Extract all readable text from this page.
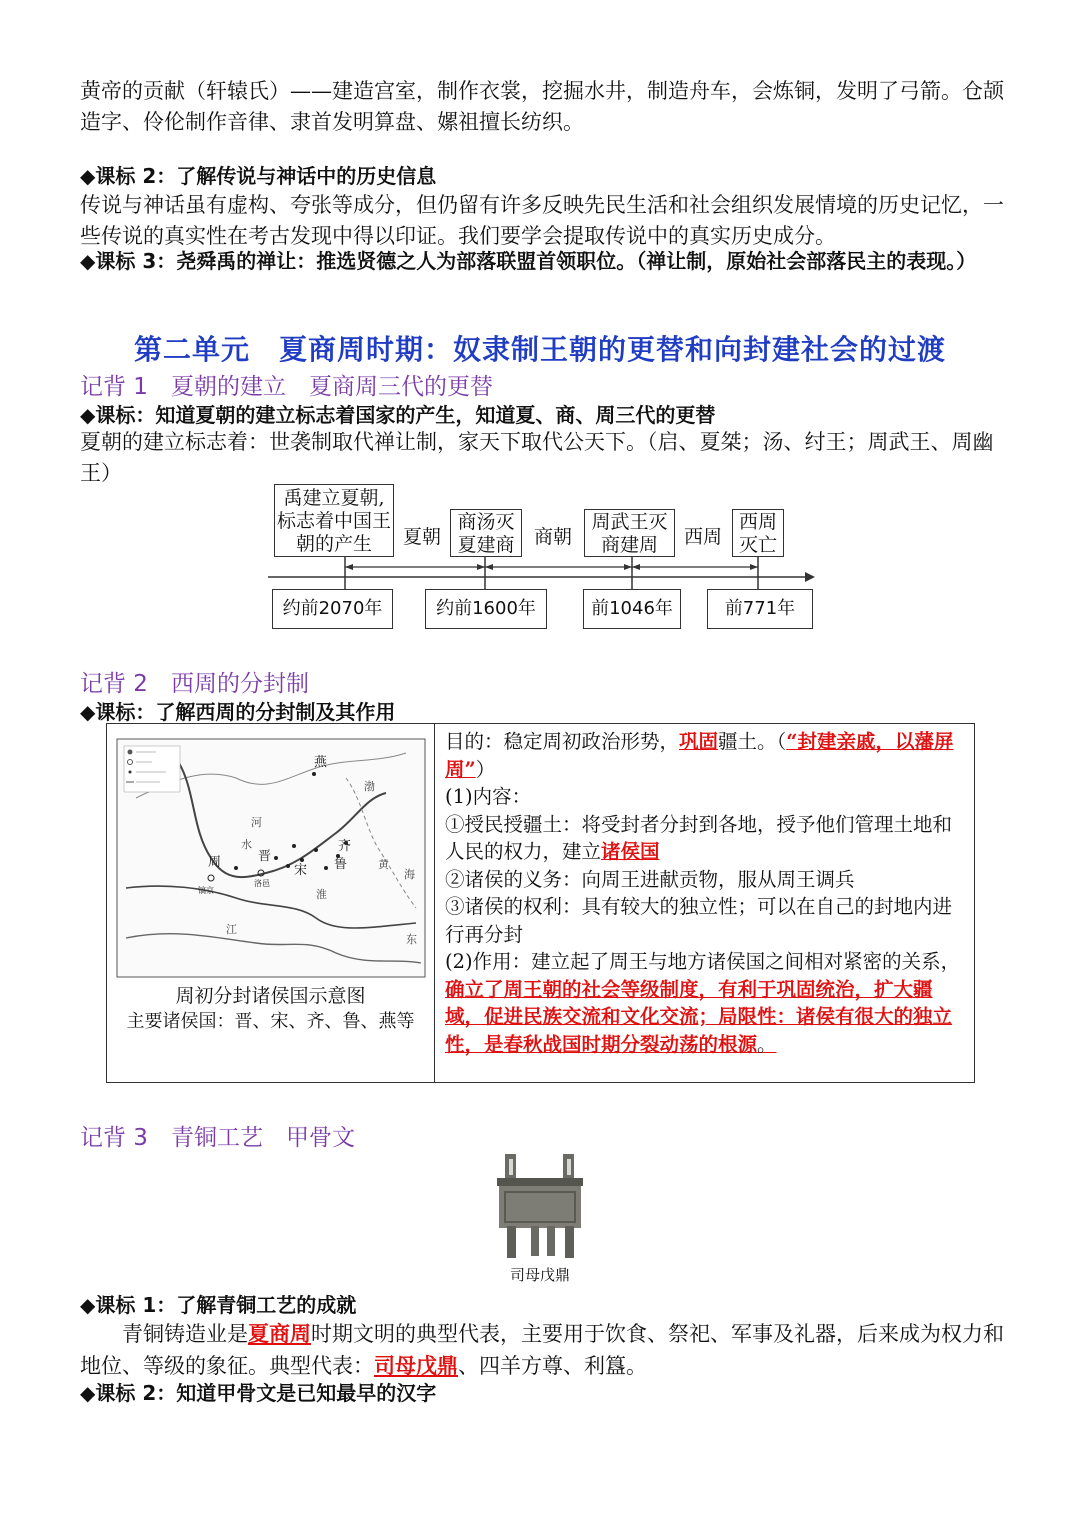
黄帝的贡献（轩辕氏）——建造宫室，制作衣裳，挖掘水井，制造舟车，会炼铜，发明了弓箭。仓颉造字、伶伦制作音律、隶首发明算盘、嫘祖擅长纺织。

◆课标 2：了解传说与神话中的历史信息

传说与神话虽有虚构、夸张等成分，但仍留有许多反映先民生活和社会组织发展情境的历史记忆，一些传说的真实性在考古发现中得以印证。我们要学会提取传说中的真实历史成分。

◆课标 3：尧舜禹的禅让：推选贤德之人为部落联盟首领职位。（禅让制，原始社会部落民主的表现。）

第二单元　夏商周时期：奴隶制王朝的更替和向封建社会的过渡
记背 1　夏朝的建立　夏商周三代的更替

◆课标：知道夏朝的建立标志着国家的产生，知道夏、商、周三代的更替

夏朝的建立标志着：世袭制取代禅让制，家天下取代公天下。（启、夏桀；汤、纣王；周武王、周幽王）

禹建立夏朝,标志着中国王朝的产生	夏朝
商汤灭夏建商	商朝
周武王灭商建周	西周
西周灭亡
约前2070年	约前1600年	前1046年	前771年
记背 2　西周的分封制

◆课标：了解西周的分封制及其作用

燕
齐
鲁
周	晋
宋
镐京
洛邑
黄
海
渤
河
水
淮
江
东
周初分封诸侯国示意图
主要诸侯国：晋、宋、齐、鲁、燕等

目的：稳定周初政治形势，巩固疆土。（“封建亲戚，以藩屏周”）
(1)内容：
①授民授疆土：将受封者分封到各地，授予他们管理土地和人民的权力，建立诸侯国
②诸侯的义务：向周王进献贡物，服从周王调兵
③诸侯的权利：具有较大的独立性；可以在自己的封地内进行再分封
(2)作用：建立起了周王与地方诸侯国之间相对紧密的关系，确立了周王朝的社会等级制度，有利于巩固统治，扩大疆域，促进民族交流和文化交流；局限性：诸侯有很大的独立性，是春秋战国时期分裂动荡的根源。
记背 3　青铜工艺　甲骨文
司母戊鼎

◆课标 1：了解青铜工艺的成就

青铜铸造业是夏商周时期文明的典型代表，主要用于饮食、祭祀、军事及礼器，后来成为权力和地位、等级的象征。典型代表：司母戊鼎、四羊方尊、利簋。

◆课标 2：知道甲骨文是已知最早的汉字
